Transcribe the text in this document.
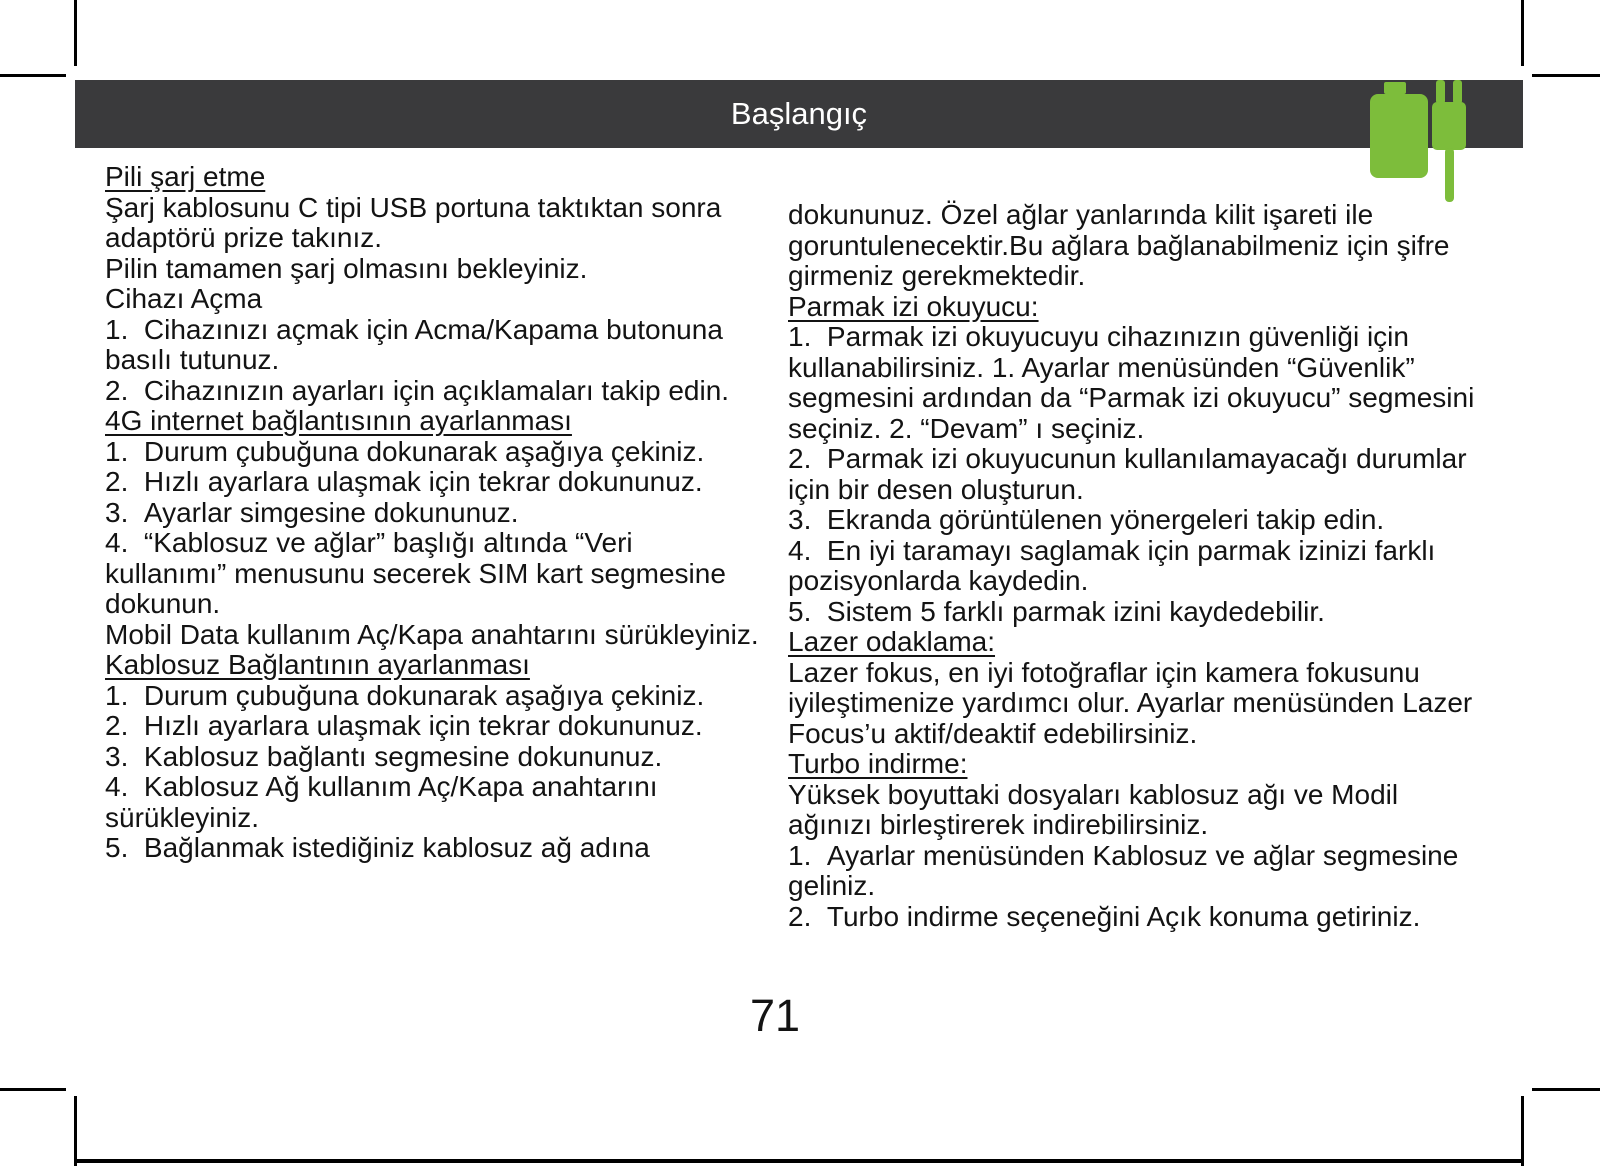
Başlangıç

Pili şarj etme

Şarj kablosunu C tipi USB portuna taktıktan sonra adaptörü prize takınız.

Pilin tamamen şarj olmasını bekleyiniz.

Cihazı Açma

1.  Cihazınızı açmak için Acma/Kapama butonuna basılı tutunuz.

2.  Cihazınızın ayarları için açıklamaları takip edin.

4G internet bağlantısının ayarlanması

1.  Durum çubuğuna dokunarak aşağıya çekiniz.

2.  Hızlı ayarlara ulaşmak için tekrar dokununuz.

3.  Ayarlar simgesine dokununuz.

4.  “Kablosuz ve ağlar” başlığı altında “Veri kullanımı” menusunu secerek SIM kart segmesine dokunun.

Mobil Data kullanım Aç/Kapa anahtarını sürükleyiniz.

Kablosuz Bağlantının ayarlanması

1.  Durum çubuğuna dokunarak aşağıya çekiniz.

2.  Hızlı ayarlara ulaşmak için tekrar dokununuz.

3.  Kablosuz bağlantı segmesine dokununuz.

4.  Kablosuz Ağ kullanım Aç/Kapa anahtarını sürükleyiniz.

5.  Bağlanmak istediğiniz kablosuz ağ adına

dokununuz. Özel ağlar yanlarında kilit işareti ile goruntulenecektir.Bu ağlara bağlanabilmeniz için şifre girmeniz gerekmektedir.

Parmak izi okuyucu:

1.  Parmak izi okuyucuyu cihazınızın güvenliği için kullanabilirsiniz. 1. Ayarlar menüsünden “Güvenlik” segmesini ardından da “Parmak izi okuyucu” segmesini seçiniz. 2. “Devam” ı seçiniz.

2.  Parmak izi okuyucunun kullanılamayacağı durumlar için bir desen oluşturun.

3.  Ekranda görüntülenen yönergeleri takip edin.

4.  En iyi taramayı saglamak için parmak izinizi farklı pozisyonlarda kaydedin.

5.  Sistem 5 farklı parmak izini kaydedebilir.

Lazer odaklama:

Lazer fokus, en iyi fotoğraflar için kamera fokusunu iyileştimenize yardımcı olur. Ayarlar menüsünden Lazer Focus’u aktif/deaktif edebilirsiniz.

Turbo indirme:

Yüksek boyuttaki dosyaları kablosuz ağı ve Modil ağınızı birleştirerek indirebilirsiniz.

1.  Ayarlar menüsünden Kablosuz ve ağlar segmesine geliniz.

2.  Turbo indirme seçeneğini Açık konuma getiriniz.

71
